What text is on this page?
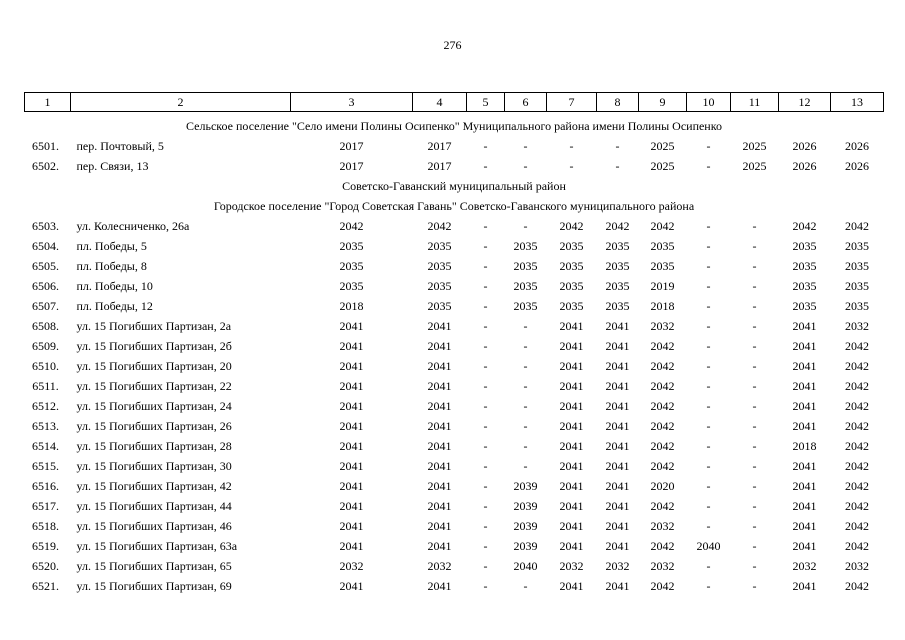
276
1	2	3	4	5	6	7	8	9	10	11	12	13

Сельское поселение "Село имени Полины Осипенко" Муниципального района имени Полины Осипенко												
6501.	пер. Почтовый, 5	2017	2017	-	-	-	-	2025	-	2025	2026	2026
6502.	пер. Связи, 13	2017	2017	-	-	-	-	2025	-	2025	2026	2026
Советско-Гаванский муниципальный район												
Городское поселение "Город Советская Гавань" Советско-Гаванского муниципального района												
6503.	ул. Колесниченко, 26а	2042	2042	-	-	2042	2042	2042	-	-	2042	2042
6504.	пл. Победы, 5	2035	2035	-	2035	2035	2035	2035	-	-	2035	2035
6505.	пл. Победы, 8	2035	2035	-	2035	2035	2035	2035	-	-	2035	2035
6506.	пл. Победы, 10	2035	2035	-	2035	2035	2035	2019	-	-	2035	2035
6507.	пл. Победы, 12	2018	2035	-	2035	2035	2035	2018	-	-	2035	2035
6508.	ул. 15 Погибших Партизан, 2а	2041	2041	-	-	2041	2041	2032	-	-	2041	2032
6509.	ул. 15 Погибших Партизан, 2б	2041	2041	-	-	2041	2041	2042	-	-	2041	2042
6510.	ул. 15 Погибших Партизан, 20	2041	2041	-	-	2041	2041	2042	-	-	2041	2042
6511.	ул. 15 Погибших Партизан, 22	2041	2041	-	-	2041	2041	2042	-	-	2041	2042
6512.	ул. 15 Погибших Партизан, 24	2041	2041	-	-	2041	2041	2042	-	-	2041	2042
6513.	ул. 15 Погибших Партизан, 26	2041	2041	-	-	2041	2041	2042	-	-	2041	2042
6514.	ул. 15 Погибших Партизан, 28	2041	2041	-	-	2041	2041	2042	-	-	2018	2042
6515.	ул. 15 Погибших Партизан, 30	2041	2041	-	-	2041	2041	2042	-	-	2041	2042
6516.	ул. 15 Погибших Партизан, 42	2041	2041	-	2039	2041	2041	2020	-	-	2041	2042
6517.	ул. 15 Погибших Партизан, 44	2041	2041	-	2039	2041	2041	2042	-	-	2041	2042
6518.	ул. 15 Погибших Партизан, 46	2041	2041	-	2039	2041	2041	2032	-	-	2041	2042
6519.	ул. 15 Погибших Партизан, 63а	2041	2041	-	2039	2041	2041	2042	2040	-	2041	2042
6520.	ул. 15 Погибших Партизан, 65	2032	2032	-	2040	2032	2032	2032	-	-	2032	2032
6521.	ул. 15 Погибших Партизан, 69	2041	2041	-	-	2041	2041	2042	-	-	2041	2042
